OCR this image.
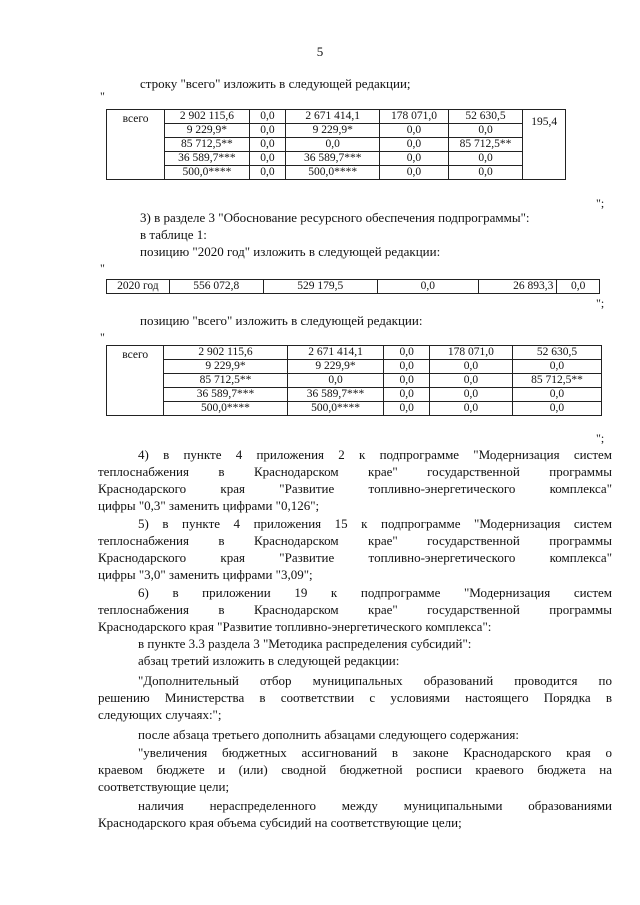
5
строку "всего" изложить в следующей редакции;
"
всего	2 902 115,6	0,0	2 671 414,1	178 071,0	52 630,5	195,4
	9 229,9*	0,0	9 229,9*	0,0	0,0	
	85 712,5**	0,0	0,0	0,0	85 712,5**	
	36 589,7***	0,0	36 589,7***	0,0	0,0	
	500,0****	0,0	500,0****	0,0	0,0	
";
3) в разделе 3 "Обоснование ресурсного обеспечения подпрограммы":
в таблице 1:
позицию "2020 год" изложить в следующей редакции:
"
2020 год	556 072,8	529 179,5	0,0	26 893,3	0,0
";
позицию "всего" изложить в следующей редакции:
"
всего	2 902 115,6	2 671 414,1	0,0	178 071,0	52 630,5
	9 229,9*	9 229,9*	0,0	0,0	0,0
	85 712,5**	0,0	0,0	0,0	85 712,5**
	36 589,7***	36 589,7***	0,0	0,0	0,0
	500,0****	500,0****	0,0	0,0	0,0
";
4) в пункте 4 приложения 2 к подпрограмме "Модернизация систем
теплоснабжения в Краснодарском крае" государственной программы
Краснодарского края "Развитие топливно-энергетического комплекса"
цифры "0,3" заменить цифрами "0,126";
5) в пункте 4 приложения 15 к подпрограмме "Модернизация систем
теплоснабжения в Краснодарском крае" государственной программы
Краснодарского края "Развитие топливно-энергетического комплекса"
цифры "3,0" заменить цифрами "3,09";
6) в приложении 19 к подпрограмме "Модернизация систем
теплоснабжения в Краснодарском крае" государственной программы
Краснодарского края "Развитие топливно-энергетического комплекса":
в пункте 3.3 раздела 3 "Методика распределения субсидий":
абзац третий изложить в следующей редакции:
"Дополнительный отбор муниципальных образований проводится по
решению Министерства в соответствии с условиями настоящего Порядка в
следующих случаях:";
после абзаца третьего дополнить абзацами следующего содержания:
"увеличения бюджетных ассигнований в законе Краснодарского края о
краевом бюджете и (или) сводной бюджетной росписи краевого бюджета на
соответствующие цели;
наличия нераспределенного между муниципальными образованиями
Краснодарского края объема субсидий на соответствующие цели;
